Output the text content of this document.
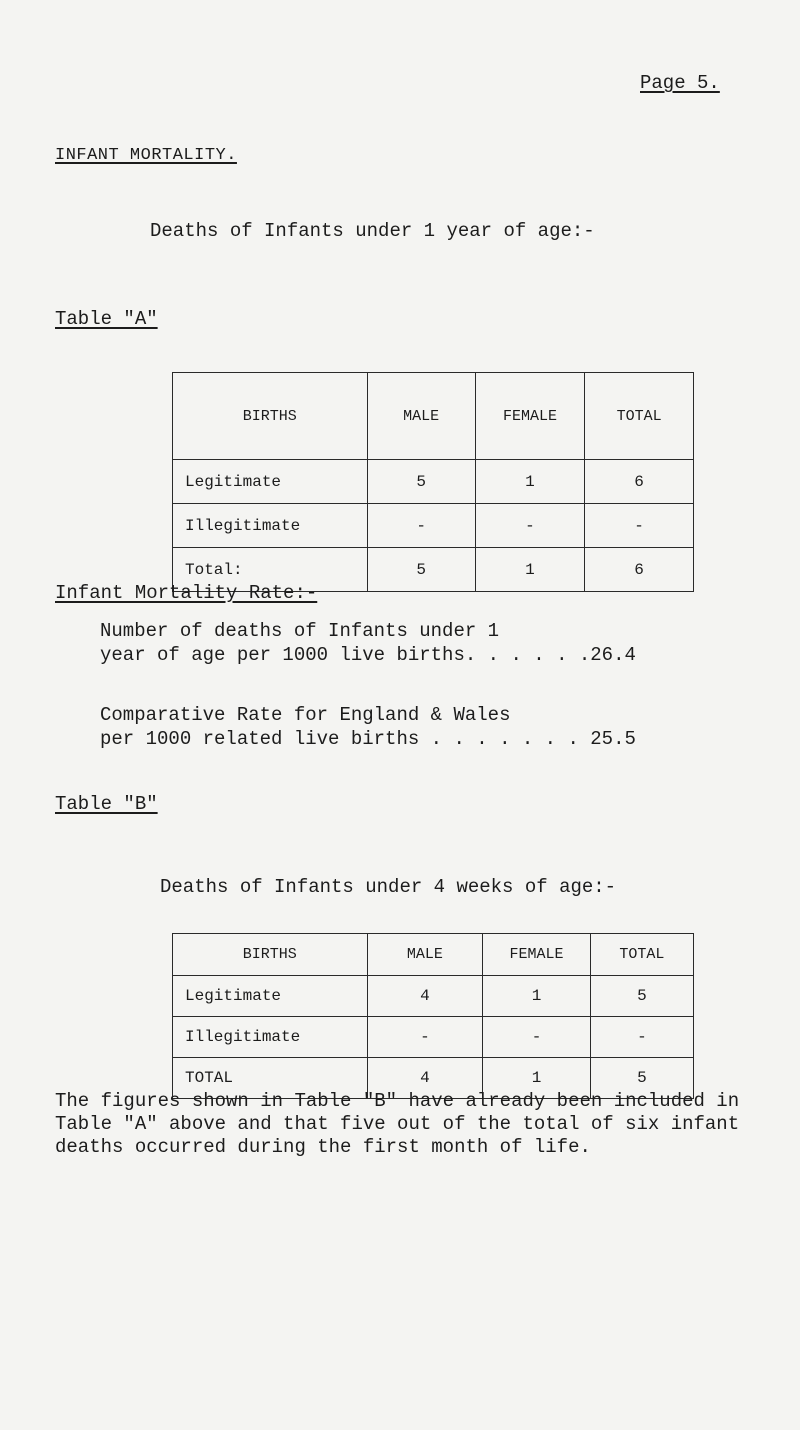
Page 5.
INFANT MORTALITY.
Deaths of Infants under 1 year of age:-
Table "A"
BIRTHS	MALE	FEMALE	TOTAL
Legitimate	5	1	6
Illegitimate	-	-	-
Total:	5	1	6
Infant Mortality Rate:-
Number of deaths of Infants under 1
year of age per 1000 live births. . . . . .26.4
Comparative Rate for England & Wales
per 1000 related live births . . . . . . . 25.5
Table "B"
Deaths of Infants under 4 weeks of age:-
BIRTHS	MALE	FEMALE	TOTAL
Legitimate	4	1	5
Illegitimate	-	-	-
TOTAL	4	1	5
The figures shown in Table "B" have already been included in
Table "A" above and that five out of the total of six infant
deaths occurred during the first month of life.
